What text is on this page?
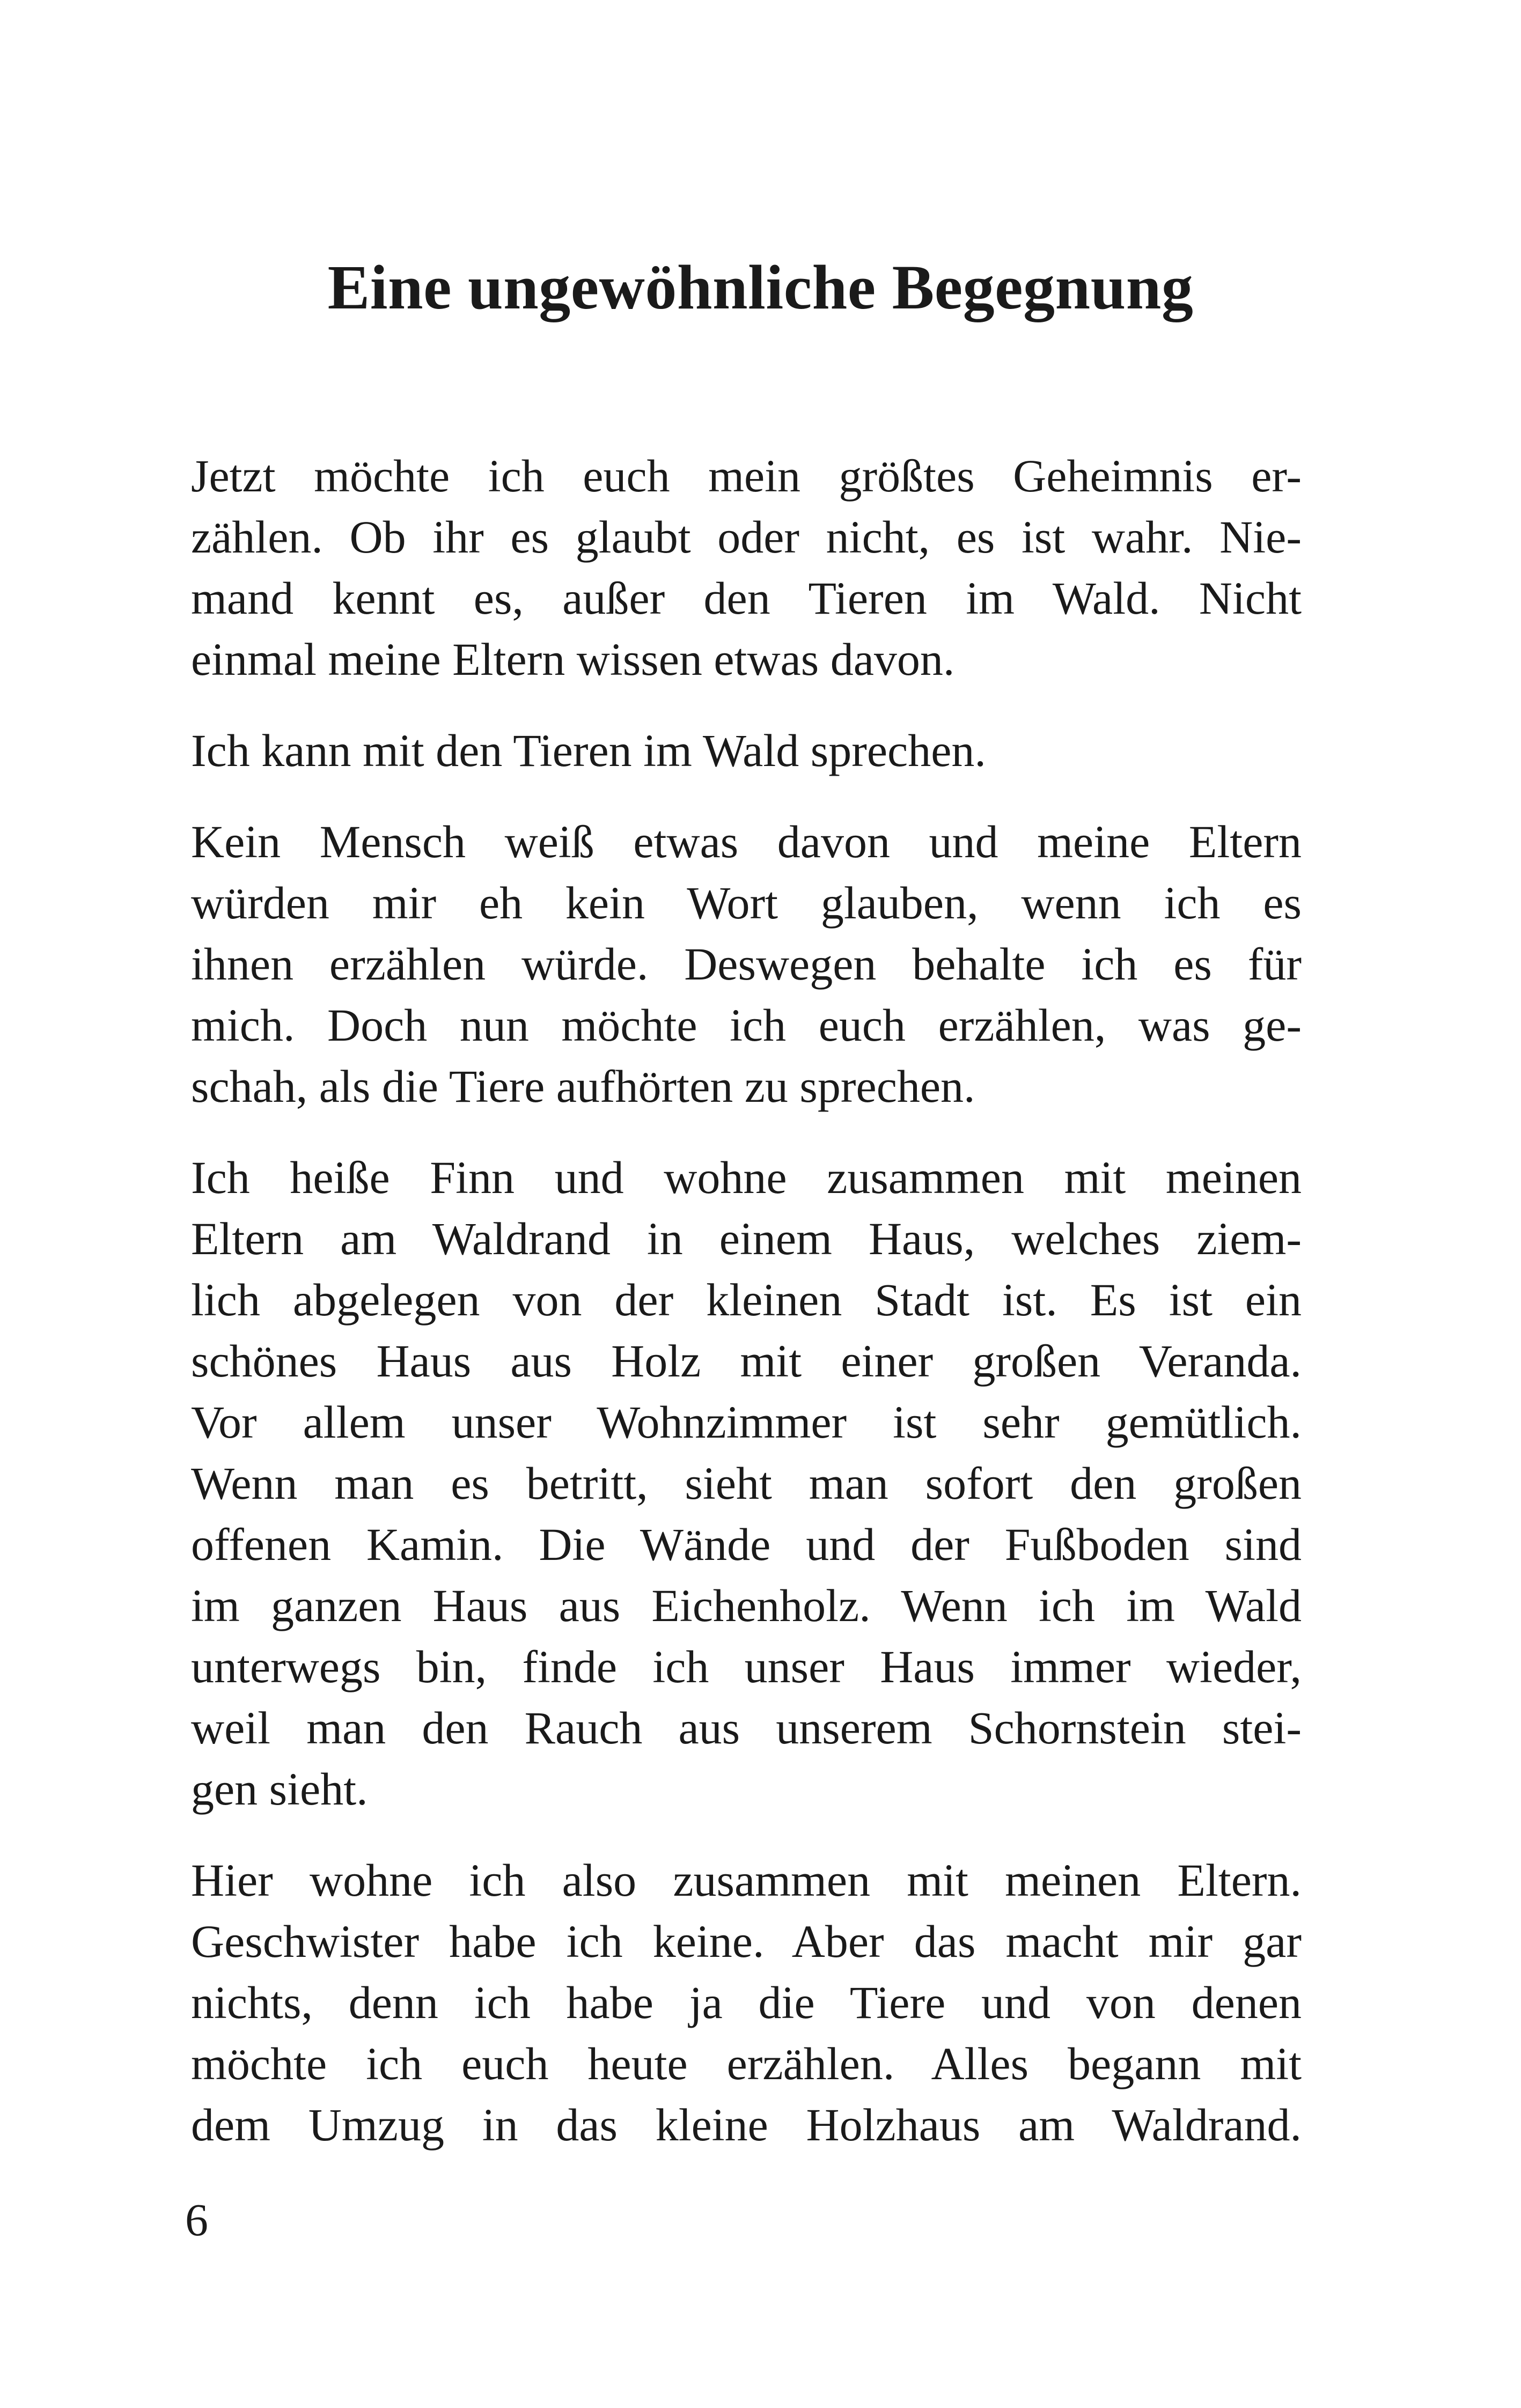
Eine ungewöhnliche Begegnung

Jetzt möchte ich euch mein größtes Geheimnis er-
zählen. Ob ihr es glaubt oder nicht, es ist wahr. Nie-
mand kennt es, außer den Tieren im Wald. Nicht
einmal meine Eltern wissen etwas davon.

Ich kann mit den Tieren im Wald sprechen.

Kein Mensch weiß etwas davon und meine Eltern
würden mir eh kein Wort glauben, wenn ich es
ihnen erzählen würde. Deswegen behalte ich es für
mich. Doch nun möchte ich euch erzählen, was ge-
schah, als die Tiere aufhörten zu sprechen.

Ich heiße Finn und wohne zusammen mit meinen
Eltern am Waldrand in einem Haus, welches ziem-
lich abgelegen von der kleinen Stadt ist. Es ist ein
schönes Haus aus Holz mit einer großen Veranda.
Vor allem unser Wohnzimmer ist sehr gemütlich.
Wenn man es betritt, sieht man sofort den großen
offenen Kamin. Die Wände und der Fußboden sind
im ganzen Haus aus Eichenholz. Wenn ich im Wald
unterwegs bin, finde ich unser Haus immer wieder,
weil man den Rauch aus unserem Schornstein stei-
gen sieht.

Hier wohne ich also zusammen mit meinen Eltern.
Geschwister habe ich keine. Aber das macht mir gar
nichts, denn ich habe ja die Tiere und von denen
möchte ich euch heute erzählen. Alles begann mit
dem Umzug in das kleine Holzhaus am Waldrand.

6
